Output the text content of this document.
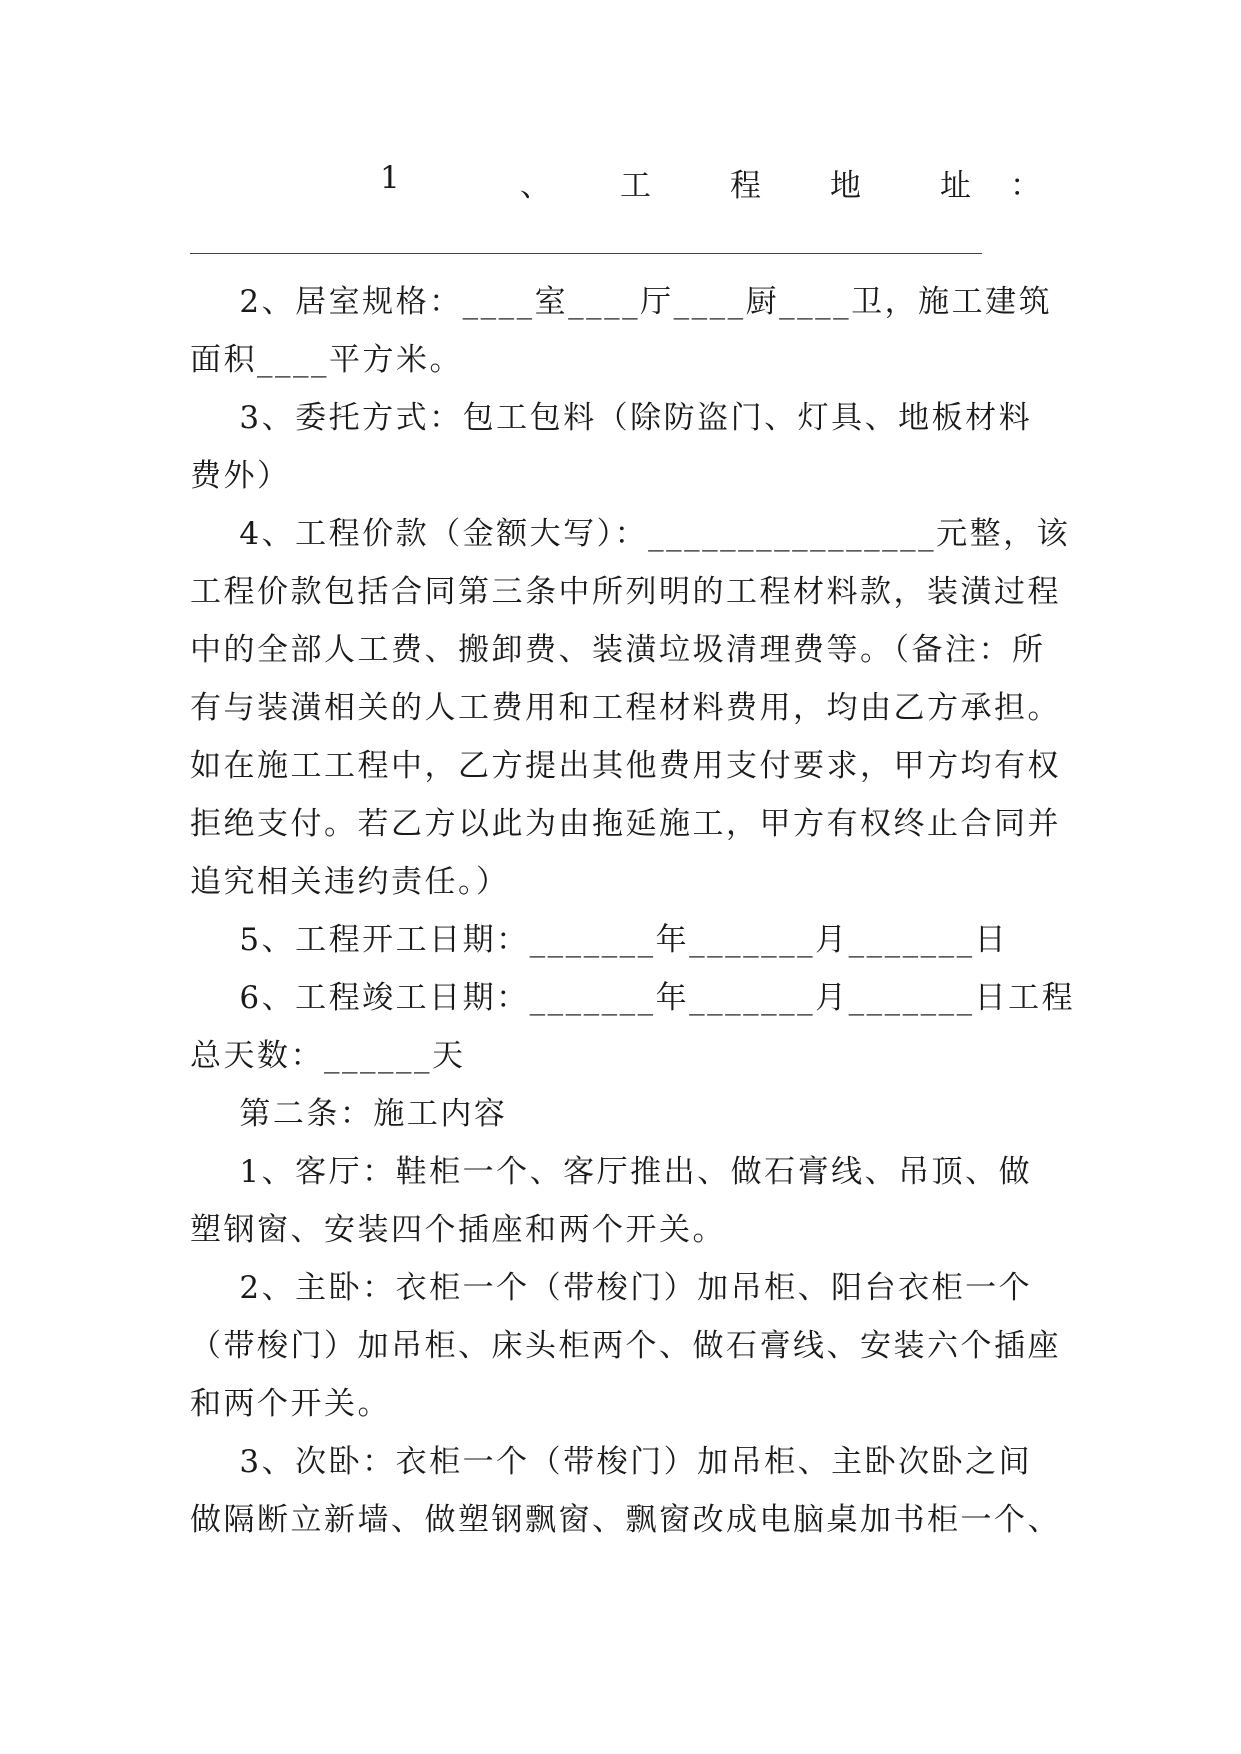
1	、 工	程 地	址 ：
2、居室规格：____室____厅____厨____卫，施工建筑
面积____平方米。
3、委托方式：包工包料（除防盗门、灯具、地板材料
费外）
4、工程价款（金额大写）：________________元整，该
工程价款包括合同第三条中所列明的工程材料款，装潢过程
中的全部人工费、搬卸费、装潢垃圾清理费等。（备注：所
有与装潢相关的人工费用和工程材料费用，均由乙方承担。
如在施工工程中，乙方提出其他费用支付要求，甲方均有权
拒绝支付。若乙方以此为由拖延施工，甲方有权终止合同并
追究相关违约责任。）
5、工程开工日期：_______年_______月_______日
6、工程竣工日期：_______年_______月_______日工程
总天数：______天
第二条：施工内容
1、客厅：鞋柜一个、客厅推出、做石膏线、吊顶、做
塑钢窗、安装四个插座和两个开关。
2、主卧：衣柜一个（带梭门）加吊柜、阳台衣柜一个
（带梭门）加吊柜、床头柜两个、做石膏线、安装六个插座
和两个开关。
3、次卧：衣柜一个（带梭门）加吊柜、主卧次卧之间
做隔断立新墙、做塑钢飘窗、飘窗改成电脑桌加书柜一个、
